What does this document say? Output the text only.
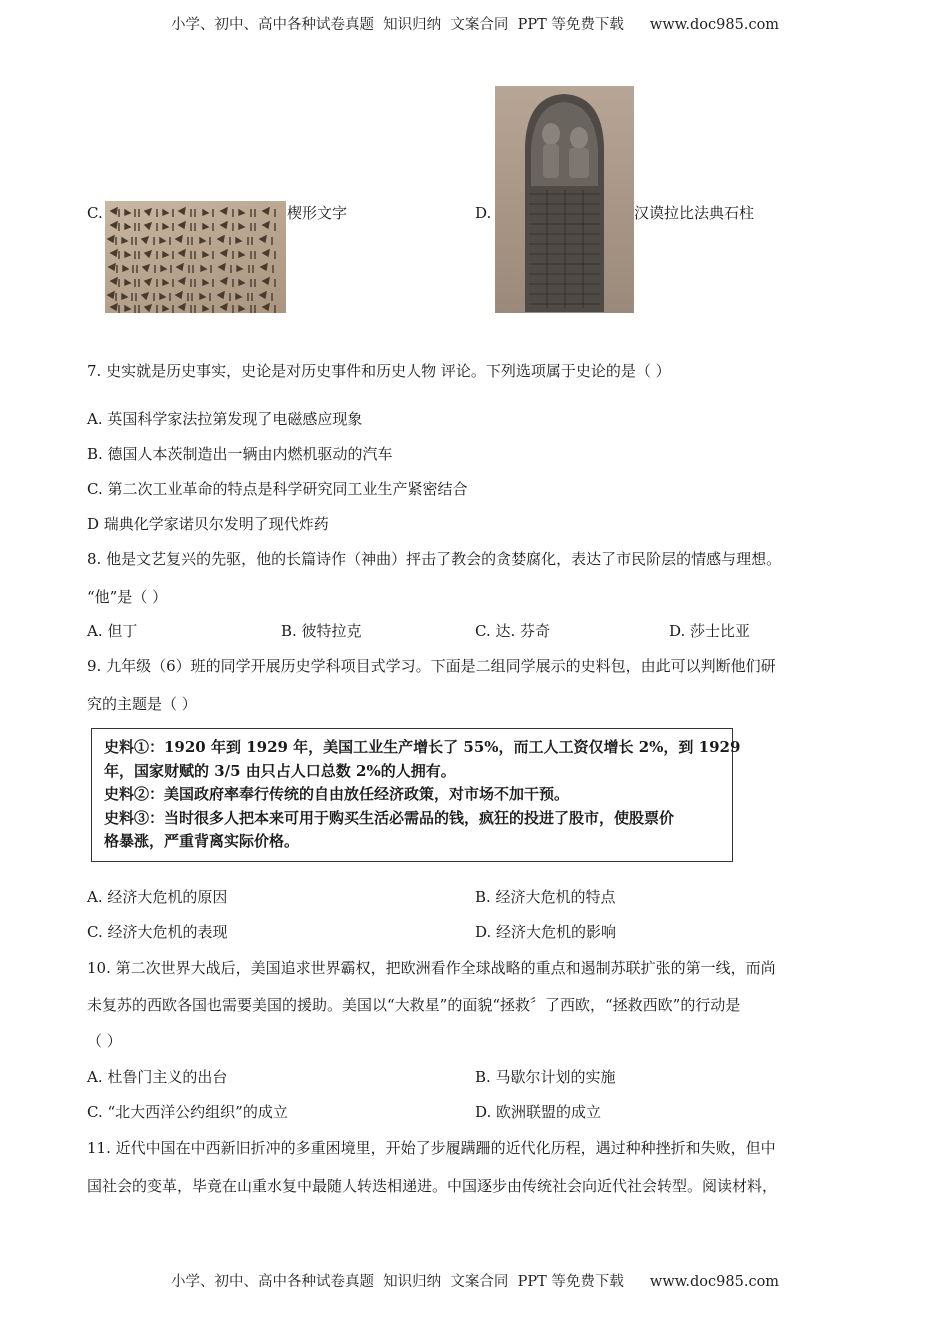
小学、初中、高中各种试卷真题  知识归纳  文案合同  PPT 等免费下载 www.doc985.com
C.	楔形文字	D.	汉谟拉比法典石柱
7. 史实就是历史事实，史论是对历史事件和历史人物 评论。下列选项属于史论的是（ ）
A. 英国科学家法拉第发现了电磁感应现象
B. 德国人本茨制造出一辆由内燃机驱动的汽车
C. 第二次工业革命的特点是科学研究同工业生产紧密结合
D 瑞典化学家诺贝尔发明了现代炸药
8. 他是文艺复兴的先驱，他的长篇诗作（神曲）抨击了教会的贪婪腐化，表达了市民阶层的情感与理想。
“他”是（ ）
A. 但丁	B. 彼特拉克	C. 达. 芬奇	D. 莎士比亚
9. 九年级（6）班的同学开展历史学科项目式学习。下面是二组同学展示的史料包，由此可以判断他们研
究的主题是（ ）
史料①：1920 年到 1929 年，美国工业生产增长了 55%，而工人工资仅增长 2%，到 1929
年，国家财赋的 3/5 由只占人口总数 2%的人拥有。
史料②：美国政府率奉行传统的自由放任经济政策，对市场不加干预。
史料③：当时很多人把本来可用于购买生活必需品的钱，疯狂的投进了股市，使股票价
格暴涨，严重背离实际价格。
A. 经济大危机的原因	B. 经济大危机的特点
C. 经济大危机的表现	D. 经济大危机的影响
10. 第二次世界大战后，美国追求世界霸权，把欧洲看作全球战略的重点和遏制苏联扩张的第一线，而尚
未复苏的西欧各国也需要美国的援助。美国以“大救星”的面貌“拯救〞了西欧，“拯救西欧”的行动是
（ ）
A. 杜鲁门主义的出台	B. 马歇尔计划的实施
C. “北大西洋公约组织”的成立	D. 欧洲联盟的成立
11. 近代中国在中西新旧折冲的多重困境里，开始了步履蹒跚的近代化历程，遇过种种挫折和失败，但中
国社会的变革，毕竟在山重水复中最随人转迭相递进。中国逐步由传统社会向近代社会转型。阅读材料，
小学、初中、高中各种试卷真题  知识归纳  文案合同  PPT 等免费下载 www.doc985.com
